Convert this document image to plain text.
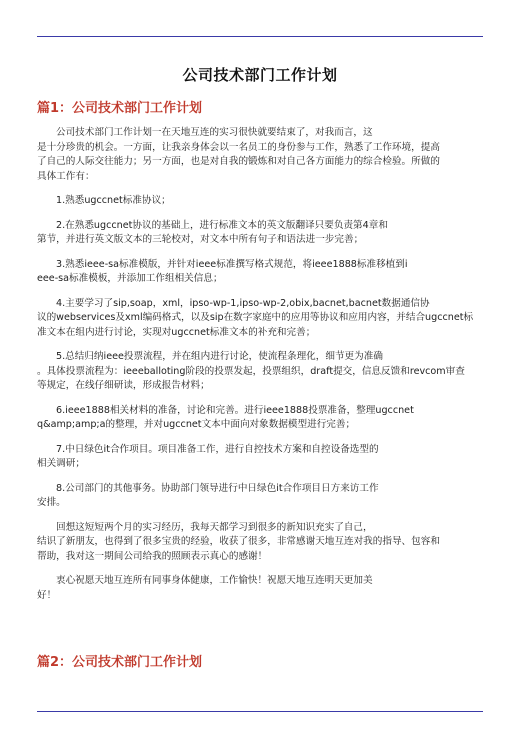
公司技术部门工作计划
篇1：公司技术部门工作计划

公司技术部门工作计划一在天地互连的实习很快就要结束了，对我而言，这
是十分珍贵的机会。一方面，让我亲身体会以一名员工的身份参与工作，熟悉了工作环境，提高
了自己的人际交往能力；另一方面，也是对自我的锻炼和对自己各方面能力的综合检验。所做的
具体工作有：

1.熟悉ugccnet标准协议；

2.在熟悉ugccnet协议的基础上，进行标准文本的英文版翻译只要负责第4章和
第节，并进行英文版文本的三轮校对，对文本中所有句子和语法进一步完善；

3.熟悉ieee-sa标准模版，并针对ieee标准撰写格式规范，将ieee1888标准移植到i
eee-sa标准模板，并添加工作组相关信息；

4.主要学习了sip,soap，xml，ipso-wp-1,ipso-wp-2,obix,bacnet,bacnet数据通信协
议的webservices及xml编码格式，以及sip在数字家庭中的应用等协议和应用内容，并结合ugccnet标
准文本在组内进行讨论，实现对ugccnet标准文本的补充和完善；

5.总结归纳ieee投票流程，并在组内进行讨论，使流程条理化，细节更为准确
。具体投票流程为：ieeeballoting阶段的投票发起，投票组织，draft提交，信息反馈和revcom审查
等规定，在线仔细研读，形成报告材料；

6.ieee1888相关材料的准备，讨论和完善。进行ieee1888投票准备，整理ugccnet
q&amp;amp;a的整理，并对ugccnet文本中面向对象数据模型进行完善；

7.中日绿色it合作项目。项目准备工作，进行自控技术方案和自控设备选型的
相关调研；

8.公司部门的其他事务。协助部门领导进行中日绿色it合作项目日方来访工作
安排。

回想这短短两个月的实习经历，我每天都学习到很多的新知识充实了自己，
结识了新朋友，也得到了很多宝贵的经验，收获了很多，非常感谢天地互连对我的指导、包容和
帮助，我对这一期间公司给我的照顾表示真心的感谢！

衷心祝愿天地互连所有同事身体健康，工作愉快！祝愿天地互连明天更加美
好！

篇2：公司技术部门工作计划
